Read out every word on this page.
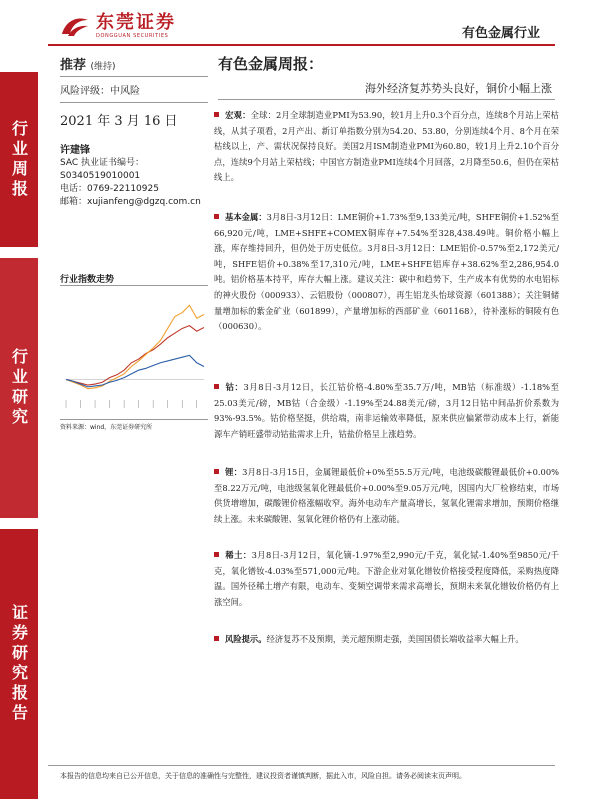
东莞证券
DONGGUAN SECURITIES	有色金属行业
行业周报
行业研究
证券研究报告
推荐 (维持)
风险评级：中风险
2021 年 3 月 16 日
许建锋
SAC 执业证书编号：
S0340519010001
电话：0769-22110925
邮箱：xujianfeng@dgzq.com.cn
行业指数走势
资料来源：wind，东莞证券研究所
有色金属周报：
海外经济复苏势头良好，铜价小幅上涨
宏观：全球：2月全球制造业PMI为53.90，较1月上升0.3个百分点，连续8个月站上荣枯线，从其子项看，2月产出、新订单指数分别为54.20、53.80，分别连续4个月、8个月在荣枯线以上，产、需状况保持良好。美国2月ISM制造业PMI为60.80，较1月上升2.10个百分点，连续9个月站上荣枯线；中国官方制造业PMI连续4个月回落，2月降至50.6，但仍在荣枯线上。
基本金属：3月8日-3月12日：LME铜价+1.73%至9,133美元/吨，SHFE铜价+1.52%至66,920元/吨，LME+SHFE+COMEX铜库存+7.54%至328,438.49吨。铜价格小幅上涨，库存维持回升，但仍处于历史低位。3月8日-3月12日：LME铝价-0.57%至2,172美元/吨，SHFE铝价+0.38%至17,310元/吨，LME+SHFE铝库存+38.62%至2,286,954.0吨。铝价格基本持平，库存大幅上涨。建议关注：碳中和趋势下，生产成本有优势的水电铝标的神火股份（000933）、云铝股份（000807），再生铝龙头怡球资源（601388）；关注铜储量增加标的紫金矿业（601899），产量增加标的西部矿业（601168），待补涨标的铜陵有色（000630）。
钴：3月8日-3月12日，长江钴价格-4.80%至35.7万/吨，MB钴（标准级）-1.18%至25.03美元/磅，MB钴（合金级）-1.19%至24.88美元/磅，3月12日钴中间品折价系数为93%-93.5%。钴价格坚挺，供给端，南非运输效率降低，原来供应偏紧带动成本上行，新能源车产销旺盛带动钴盐需求上升，钴盐价格呈上涨趋势。
锂：3月8日-3月15日，金属锂最低价+0%至55.5万元/吨，电池级碳酸锂最低价+0.00%至8.22万元/吨，电池级氢氧化锂最低价+0.00%至9.05万元/吨，因国内大厂检修结束，市场供货增增加，碳酸锂价格涨幅收窄。海外电动车产量高增长，氢氧化锂需求增加，预期价格继续上涨。未来碳酸锂、氢氧化锂价格仍有上涨动能。
稀土：3月8日-3月12日，氧化镝-1.97%至2,990元/千克，氧化铽-1.40%至9850元/千克，氧化镨钕-4.03%至571,000元/吨。下游企业对氧化镨钕价格接受程度降低，采购热度降温。国外径稀土增产有限，电动车、变频空调带来需求高增长，预期未来氧化镨钕价格仍有上涨空间。
风险提示。经济复苏不及预期，美元超预期走强，美国国债长端收益率大幅上升。
本报告的信息均来自已公开信息，关于信息的准确性与完整性，建议投资者谨慎判断，据此入市，风险自担。请务必阅读末页声明。
